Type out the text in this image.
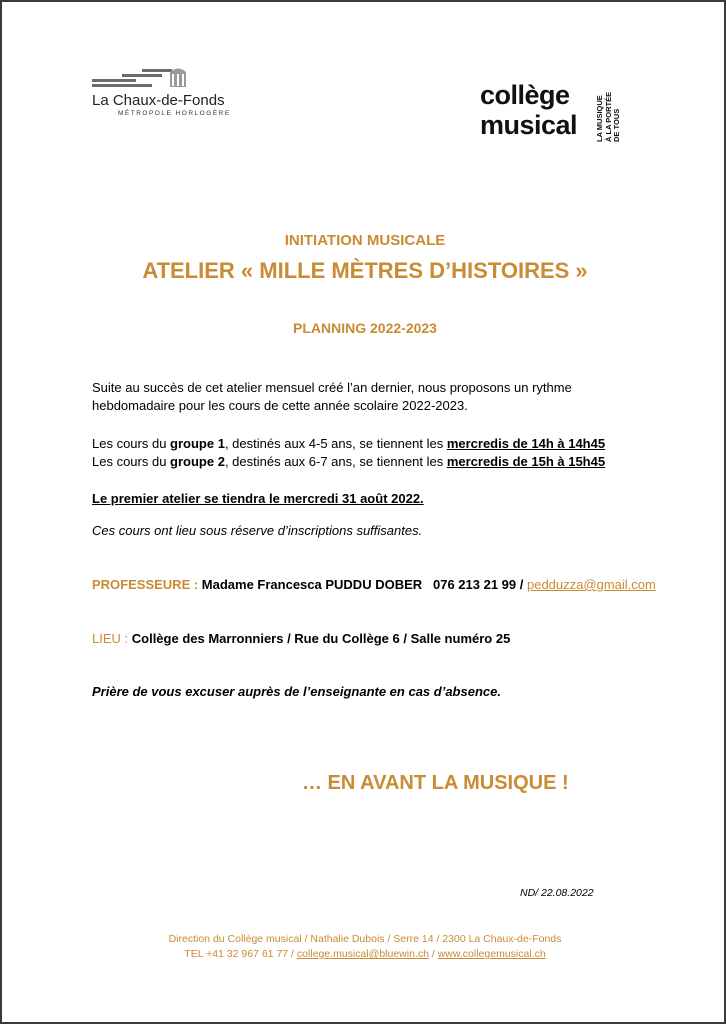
La Chaux-de-Fonds
MÉTROPOLE HORLOGÈRE
collège
musical LA MUSIQUE À LA PORTÉE DE TOUS
INITIATION MUSICALE
ATELIER « MILLE MÈTRES D’HISTOIRES »
PLANNING 2022-2023
Suite au succès de cet atelier mensuel créé l’an dernier, nous proposons un rythme hebdomadaire pour les cours de cette année scolaire 2022-2023.
Les cours du groupe 1, destinés aux 4-5 ans, se tiennent les mercredis de 14h à 14h45
Les cours du groupe 2, destinés aux 6-7 ans, se tiennent les mercredis de 15h à 15h45
Le premier atelier se tiendra le mercredi 31 août 2022.
Ces cours ont lieu sous réserve d’inscriptions suffisantes.
PROFESSEURE : Madame Francesca PUDDU DOBER 076 213 21 99 / pedduzza@gmail.com
LIEU : Collège des Marronniers / Rue du Collège 6 / Salle numéro 25
Prière de vous excuser auprès de l’enseignante en cas d’absence.
… EN AVANT LA MUSIQUE !
ND/ 22.08.2022
Direction du Collège musical / Nathalie Dubois / Serre 14 / 2300 La Chaux-de-Fonds
TEL +41 32 967 61 77 / college.musical@bluewin.ch / www.collegemusical.ch
